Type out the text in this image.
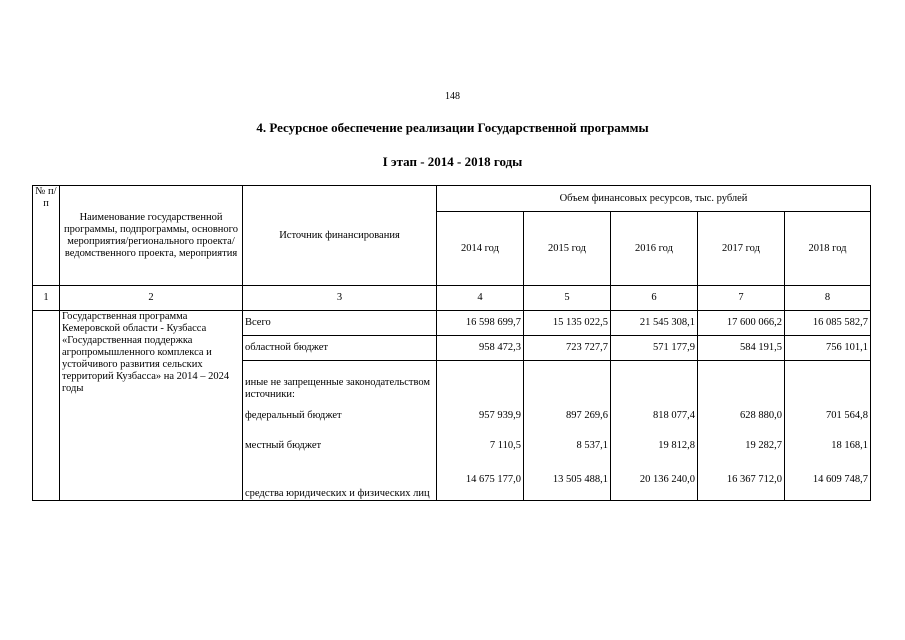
148
4. Ресурсное обеспечение реализации Государственной программы
I этап - 2014 - 2018 годы
№ п/п	Наименование государственной программы, подпрограммы, основного мероприятия/регионального проекта/ведомственного проекта, мероприятия	Источник финансирования	Объем финансовых ресурсов, тыс. рублей				
			2014 год	2015 год	2016 год	2017 год	2018 год
1	2	3	4	5	6	7	8
	Государственная программа Кемеровской области - Кузбасса «Государственная поддержка агропромышленного комплекса и устойчивого развития сельских территорий Кузбасса» на 2014 – 2024 годы	Всего	16 598 699,7	15 135 022,5	21 545 308,1	17 600 066,2	16 085 582,7
		областной бюджет	958 472,3	723 727,7	571 177,9	584 191,5	756 101,1
		иные не запрещенные законодательством источники:					
		федеральный бюджет	957 939,9	897 269,6	818 077,4	628 880,0	701 564,8
		местный бюджет	7 110,5	8 537,1	19 812,8	19 282,7	18 168,1
		средства юридических и физических лиц	14 675 177,0	13 505 488,1	20 136 240,0	16 367 712,0	14 609 748,7
